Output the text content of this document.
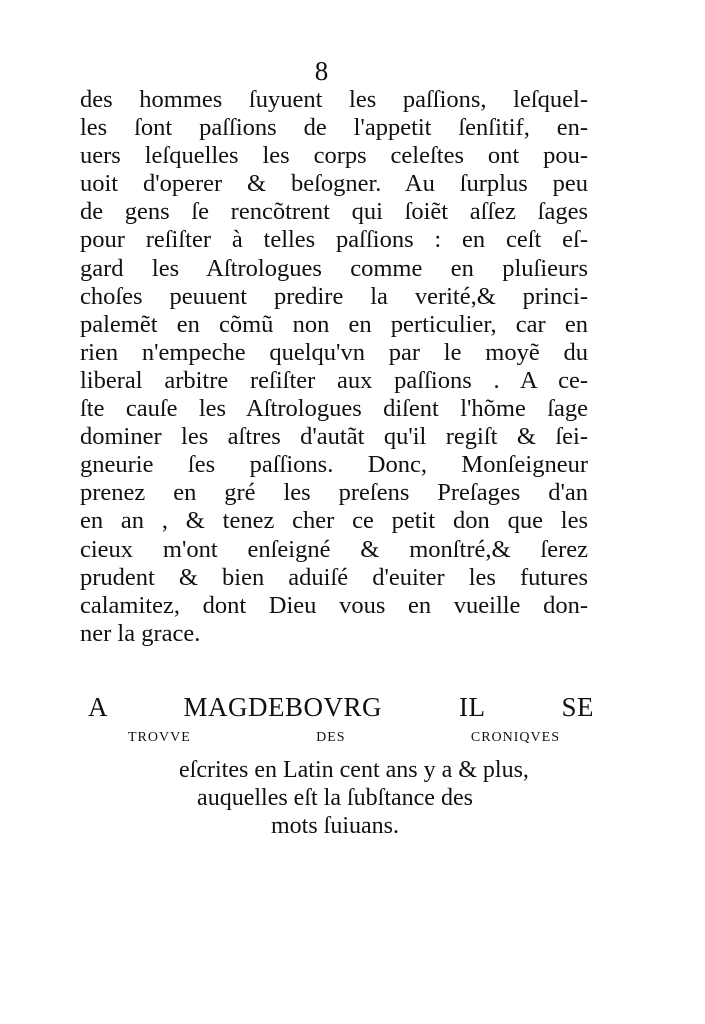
8
des hommes ſuyuent les paſſions, leſquel-
les ſont paſſions de l'appetit ſenſitif, en-
uers leſquelles les corps celeſtes ont pou-
uoit d'operer & beſogner. Au ſurplus peu
de gens ſe rencõtrent qui ſoiẽt aſſez ſages
pour reſiſter à telles paſſions : en ceſt eſ-
gard les Aſtrologues comme en pluſieurs
choſes peuuent predire la verité,& princi-
palemẽt en cõmũ non en perticulier, car en
rien n'empeche quelqu'vn par le moyẽ du
liberal arbitre reſiſter aux paſſions . A ce-
ſte cauſe les Aſtrologues diſent l'hõme ſage
dominer les aſtres d'autãt qu'il regiſt & ſei-
gneurie ſes paſſions. Donc, Monſeigneur
prenez en gré les preſens Preſages d'an
en an , & tenez cher ce petit don que les
cieux m'ont enſeigné & monſtré,& ſerez
prudent & bien aduiſé d'euiter les futures
calamitez, dont Dieu vous en vueille don-
ner la grace.
A MAGDEBOVRG IL SE
TROVVE DES CRONIQVES
eſcrites en Latin cent ans y a & plus,
auquelles eſt la ſubſtance des
mots ſuiuans.
